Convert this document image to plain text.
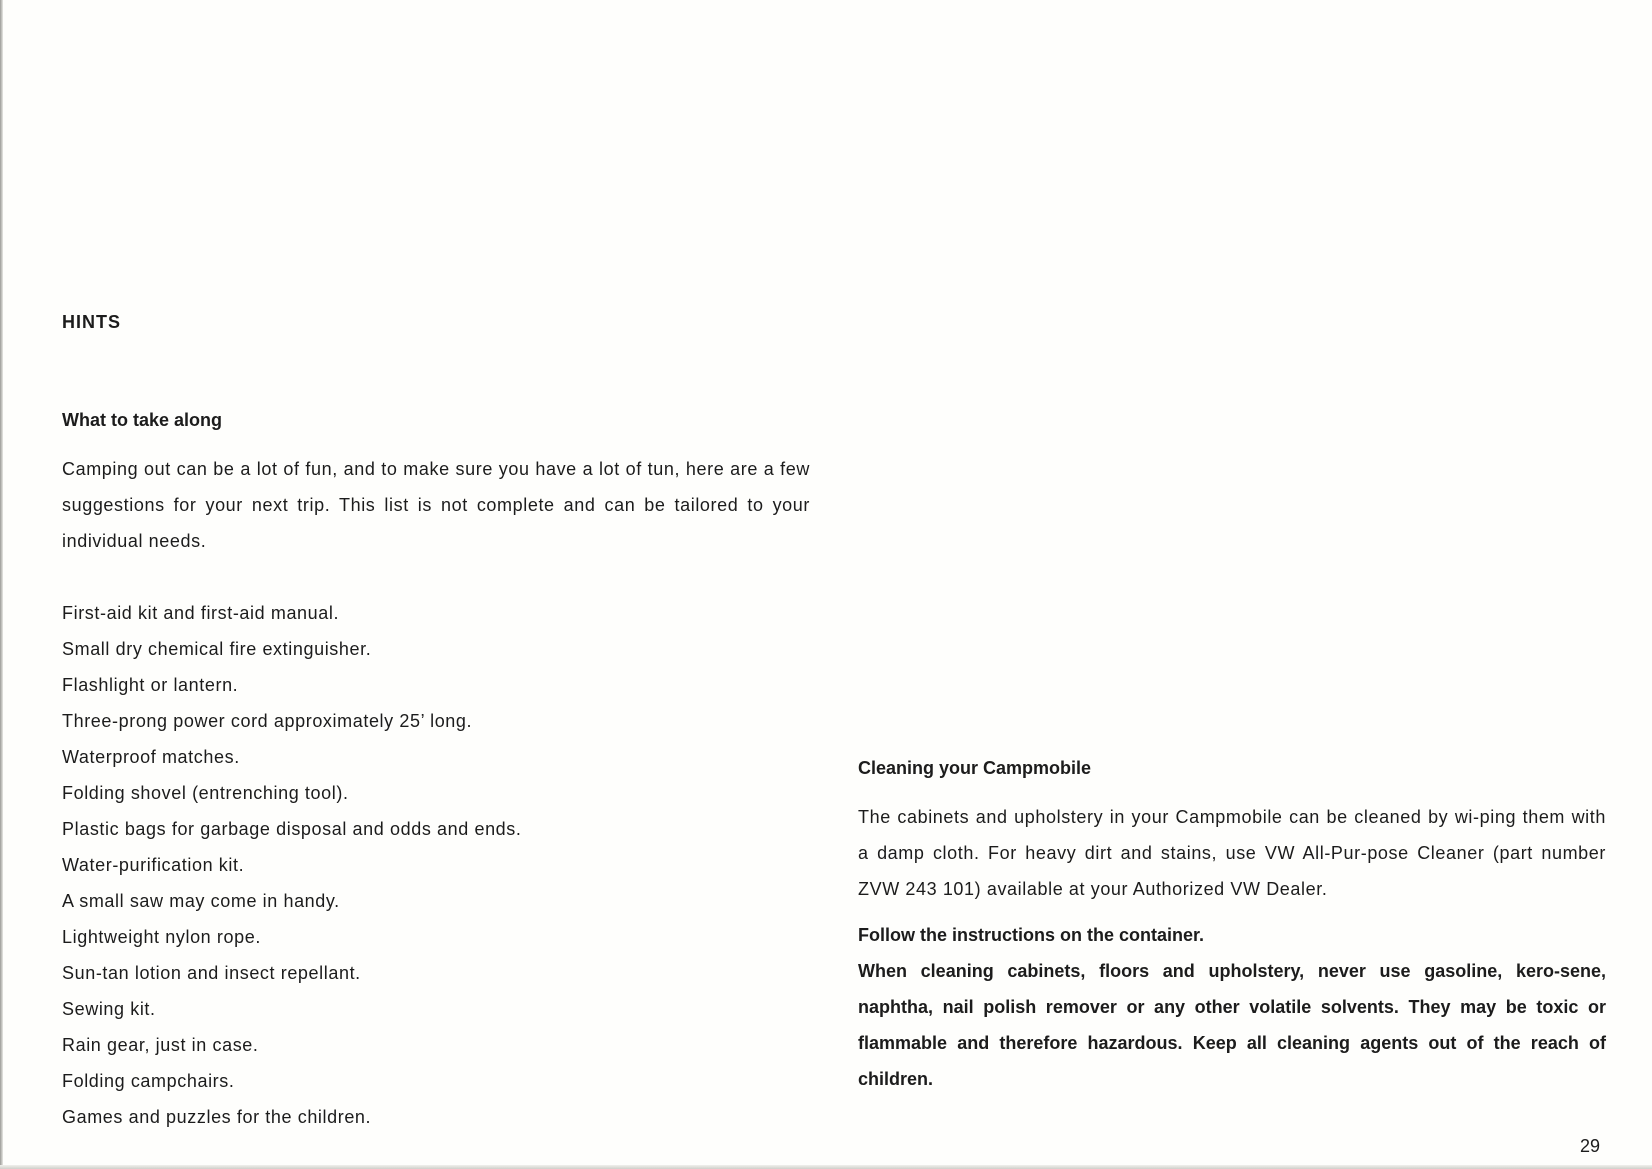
HINTS
What to take along

Camping out can be a lot of fun, and to make sure you have a lot of tun, here are a few suggestions for your next trip. This list is not complete and can be tailored to your individual needs.

First-aid kit and first-aid manual.
Small dry chemical fire extinguisher.
Flashlight or lantern.
Three-prong power cord approximately 25’ long.
Waterproof matches.
Folding shovel (entrenching tool).
Plastic bags for garbage disposal and odds and ends.
Water-purification kit.
A small saw may come in handy.
Lightweight nylon rope.
Sun-tan lotion and insect repellant.
Sewing kit.
Rain gear, just in case.
Folding campchairs.
Games and puzzles for the children.
Cleaning your Campmobile

The cabinets and upholstery in your Campmobile can be cleaned by wi-ping them with a damp cloth. For heavy dirt and stains, use VW All-Pur-pose Cleaner (part number ZVW 243 101) available at your Authorized VW Dealer.

Follow the instructions on the container.

When cleaning cabinets, floors and upholstery, never use gasoline, kero-sene, naphtha, nail polish remover or any other volatile solvents. They may be toxic or flammable and therefore hazardous. Keep all cleaning agents out of the reach of children.

29
